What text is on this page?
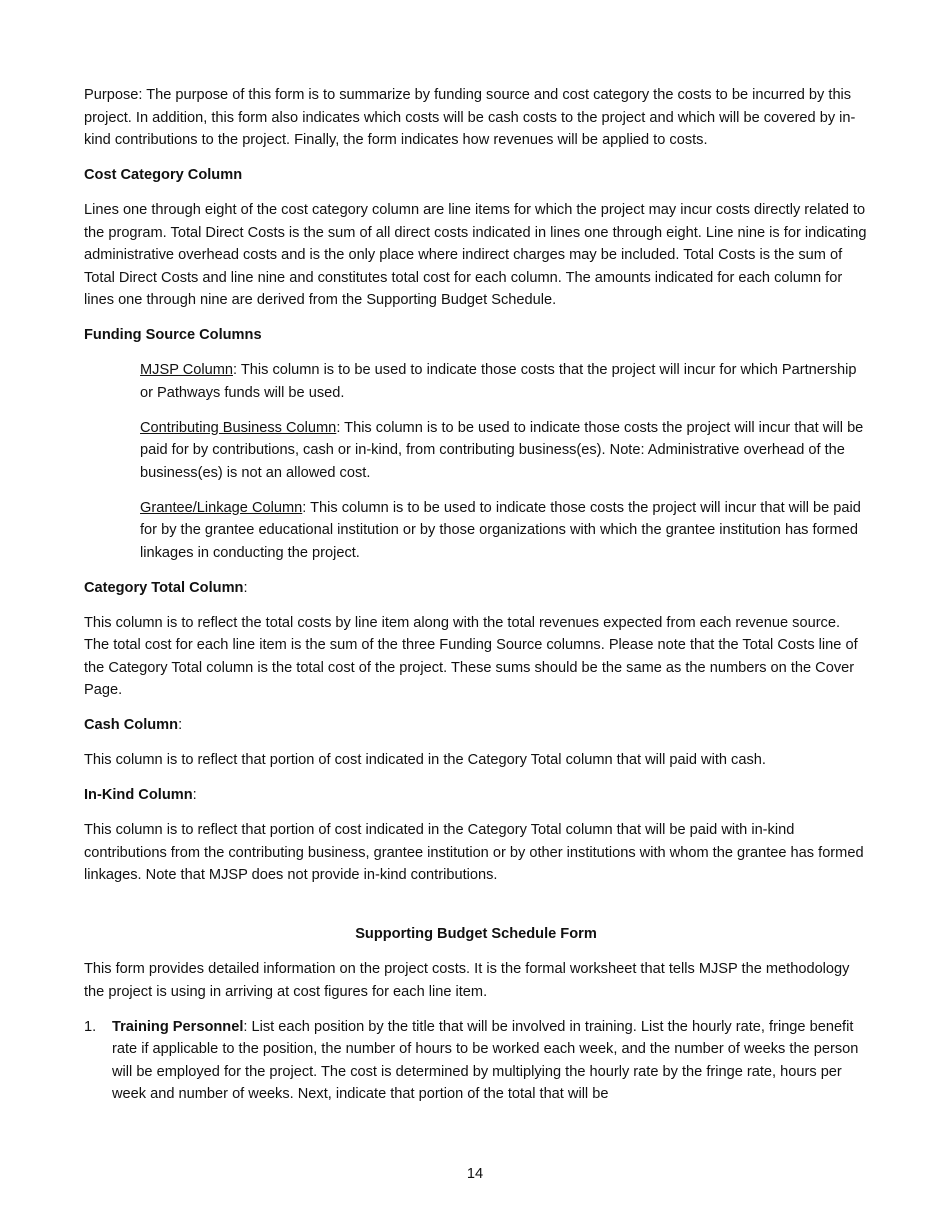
Purpose: The purpose of this form is to summarize by funding source and cost category the costs to be incurred by this project. In addition, this form also indicates which costs will be cash costs to the project and which will be covered by in-kind contributions to the project. Finally, the form indicates how revenues will be applied to costs.

Cost Category Column

Lines one through eight of the cost category column are line items for which the project may incur costs directly related to the program. Total Direct Costs is the sum of all direct costs indicated in lines one through eight. Line nine is for indicating administrative overhead costs and is the only place where indirect charges may be included. Total Costs is the sum of Total Direct Costs and line nine and constitutes total cost for each column. The amounts indicated for each column for lines one through nine are derived from the Supporting Budget Schedule.

Funding Source Columns

MJSP Column: This column is to be used to indicate those costs that the project will incur for which Partnership or Pathways funds will be used.

Contributing Business Column: This column is to be used to indicate those costs the project will incur that will be paid for by contributions, cash or in-kind, from contributing business(es). Note: Administrative overhead of the business(es) is not an allowed cost.

Grantee/Linkage Column: This column is to be used to indicate those costs the project will incur that will be paid for by the grantee educational institution or by those organizations with which the grantee institution has formed linkages in conducting the project.

Category Total Column:

This column is to reflect the total costs by line item along with the total revenues expected from each revenue source. The total cost for each line item is the sum of the three Funding Source columns. Please note that the Total Costs line of the Category Total column is the total cost of the project. These sums should be the same as the numbers on the Cover Page.

Cash Column:

This column is to reflect that portion of cost indicated in the Category Total column that will paid with cash.

In-Kind Column:

This column is to reflect that portion of cost indicated in the Category Total column that will be paid with in-kind contributions from the contributing business, grantee institution or by other institutions with whom the grantee has formed linkages. Note that MJSP does not provide in-kind contributions.

Supporting Budget Schedule Form

This form provides detailed information on the project costs. It is the formal worksheet that tells MJSP the methodology the project is using in arriving at cost figures for each line item.

1. Training Personnel: List each position by the title that will be involved in training. List the hourly rate, fringe benefit rate if applicable to the position, the number of hours to be worked each week, and the number of weeks the person will be employed for the project. The cost is determined by multiplying the hourly rate by the fringe rate, hours per week and number of weeks. Next, indicate that portion of the total that will be
14
